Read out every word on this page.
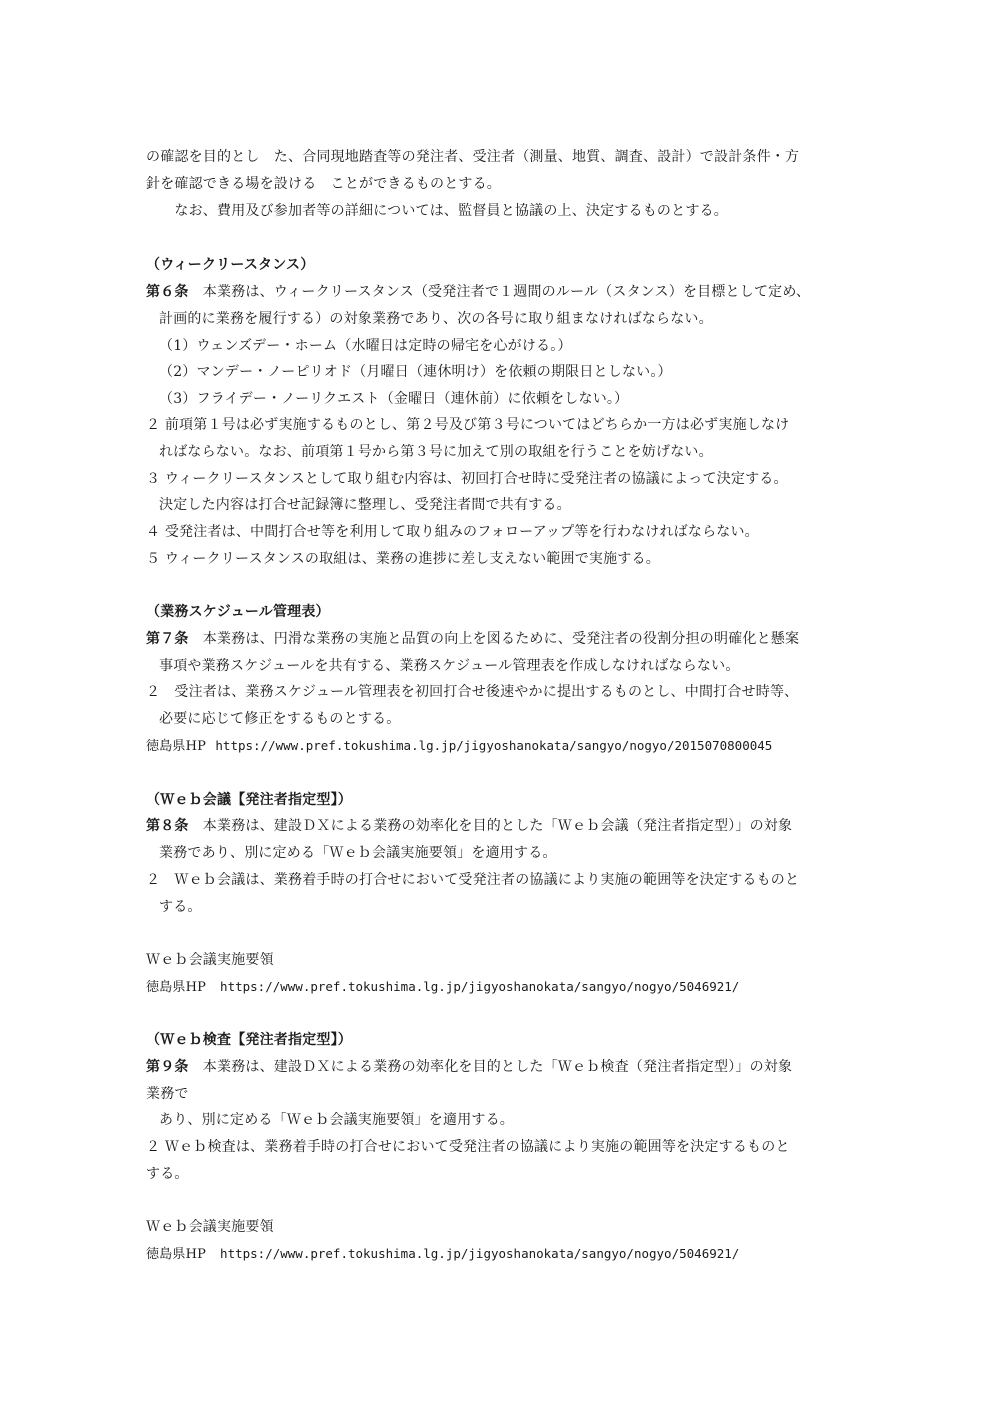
の確認を目的とし　た、合同現地踏査等の発注者、受注者（測量、地質、調査、設計）で設計条件・方
針を確認できる場を設ける　ことができるものとする。
　　なお、費用及び参加者等の詳細については、監督員と協議の上、決定するものとする。
（ウィークリースタンス）
第６条　本業務は、ウィークリースタンス（受発注者で１週間のルール（スタンス）を目標として定め、
計画的に業務を履行する）の対象業務であり、次の各号に取り組まなければならない。
（1）ウェンズデー・ホーム（水曜日は定時の帰宅を心がける。）
（2）マンデー・ノーピリオド（月曜日（連休明け）を依頼の期限日としない。）
（3）フライデー・ノーリクエスト（金曜日（連休前）に依頼をしない。）
２ 前項第１号は必ず実施するものとし、第２号及び第３号についてはどちらか一方は必ず実施しなけ
ればならない。なお、前項第１号から第３号に加えて別の取組を行うことを妨げない。
３ ウィークリースタンスとして取り組む内容は、初回打合せ時に受発注者の協議によって決定する。
決定した内容は打合せ記録簿に整理し、受発注者間で共有する。
４ 受発注者は、中間打合せ等を利用して取り組みのフォローアップ等を行わなければならない。
５ ウィークリースタンスの取組は、業務の進捗に差し支えない範囲で実施する。
（業務スケジュール管理表）
第７条　本業務は、円滑な業務の実施と品質の向上を図るために、受発注者の役割分担の明確化と懸案
事項や業務スケジュールを共有する、業務スケジュール管理表を作成しなければならない。
２　受注者は、業務スケジュール管理表を初回打合せ後速やかに提出するものとし、中間打合せ時等、
必要に応じて修正をするものとする。
徳島県HP https://www.pref.tokushima.lg.jp/jigyoshanokata/sangyo/nogyo/2015070800045
（Ｗｅｂ会議【発注者指定型】）
第８条　本業務は、建設ＤＸによる業務の効率化を目的とした「Ｗｅｂ会議（発注者指定型）」の対象
業務であり、別に定める「Ｗｅｂ会議実施要領」を適用する。
２　Ｗｅｂ会議は、業務着手時の打合せにおいて受発注者の協議により実施の範囲等を決定するものと
する。
Ｗｅｂ会議実施要領
徳島県HP https://www.pref.tokushima.lg.jp/jigyoshanokata/sangyo/nogyo/5046921/
（Ｗｅｂ検査【発注者指定型】）
第９条　本業務は、建設ＤＸによる業務の効率化を目的とした「Ｗｅｂ検査（発注者指定型）」の対象
業務で
あり、別に定める「Ｗｅｂ会議実施要領」を適用する。
２ Ｗｅｂ検査は、業務着手時の打合せにおいて受発注者の協議により実施の範囲等を決定するものと
する。
Ｗｅｂ会議実施要領
徳島県HP https://www.pref.tokushima.lg.jp/jigyoshanokata/sangyo/nogyo/5046921/
